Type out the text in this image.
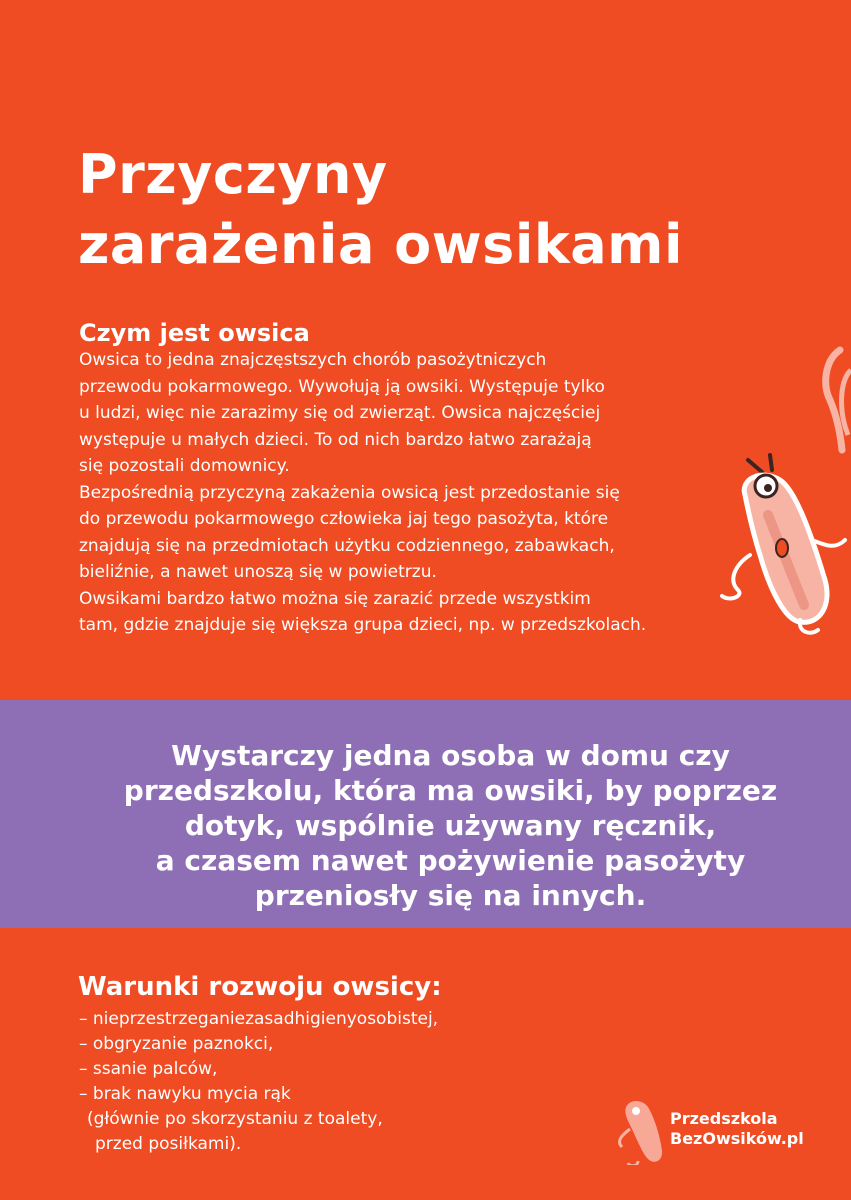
Przyczyny
zarażenia owsikami
Czym jest owsica
Owsica to jedna znajczęstszych chorób pasożytniczych
przewodu pokarmowego. Wywołują ją owsiki. Występuje tylko
u ludzi, więc nie zarazimy się od zwierząt. Owsica najczęściej
występuje u małych dzieci. To od nich bardzo łatwo zarażają
się pozostali domownicy.
Bezpośrednią przyczyną zakażenia owsicą jest przedostanie się
do przewodu pokarmowego człowieka jaj tego pasożyta, które
znajdują się na przedmiotach użytku codziennego, zabawkach,
bieliźnie, a nawet unoszą się w powietrzu.
Owsikami bardzo łatwo można się zarazić przede wszystkim
tam, gdzie znajduje się większa grupa dzieci, np. w przedszkolach.
Wystarczy jedna osoba w domu czy
przedszkolu, która ma owsiki, by poprzez
dotyk, wspólnie używany ręcznik,
a czasem nawet pożywienie pasożyty
przeniosły się na innych.
Warunki rozwoju owsicy:
– nieprzestrzeganiezasadhigienyosobistej,
– obgryzanie paznokci,
– ssanie palców,
– brak nawyku mycia rąk
(głównie po skorzystaniu z toalety,
przed posiłkami).
Przedszkola
BezOwsików.pl
